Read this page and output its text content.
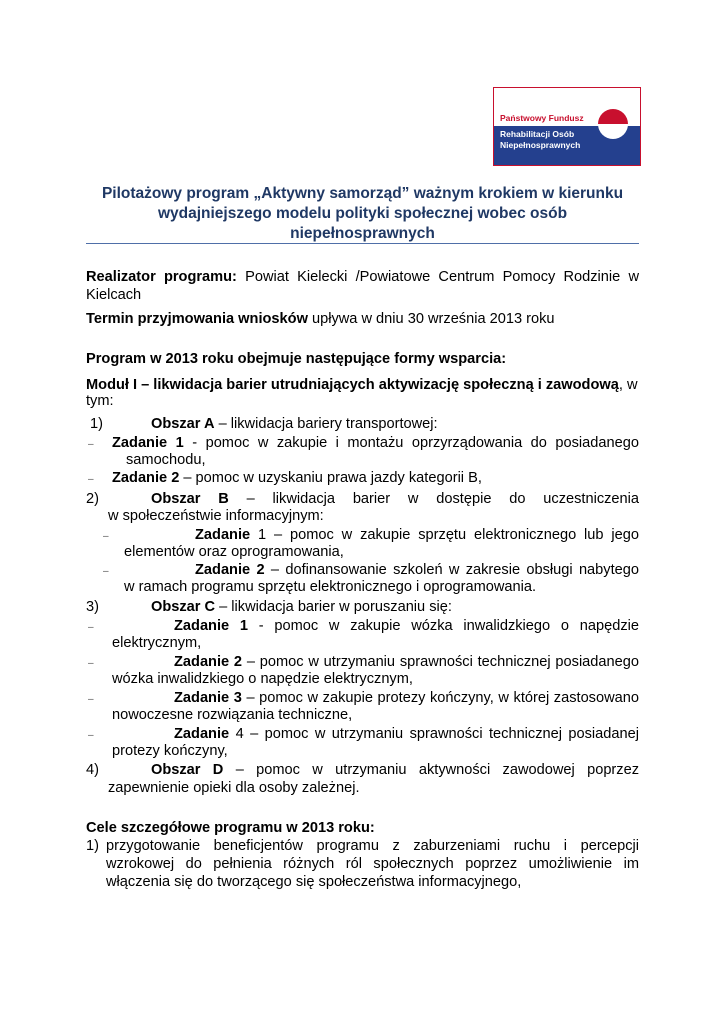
Państwowy Fundusz
Rehabilitacji Osób
Niepełnosprawnych
Pilotażowy program „Aktywny samorząd” ważnym krokiem w kierunku
wydajniejszego modelu polityki społecznej wobec osób
niepełnosprawnych
Realizator programu: Powiat Kielecki /Powiatowe Centrum Pomocy Rodzinie w
Kielcach
Termin przyjmowania wniosków upływa w dniu 30 września 2013 roku
Program w 2013 roku obejmuje następujące formy wsparcia:
Moduł I – likwidacja barier utrudniających aktywizację społeczną i zawodową, w
tym:
1)	Obszar A – likwidacja bariery transportowej:
– Zadanie 1 - pomoc w zakupie i montażu oprzyrządowania do posiadanego
samochodu,
– Zadanie 2 – pomoc w uzyskaniu prawa jazdy kategorii B,
2)	Obszar B – likwidacja barier w dostępie do uczestniczenia
w społeczeństwie informacyjnym:
–	Zadanie 1 – pomoc w zakupie sprzętu elektronicznego lub jego
elementów oraz oprogramowania,
–	Zadanie 2 – dofinansowanie szkoleń w zakresie obsługi nabytego
w ramach programu sprzętu elektronicznego i oprogramowania.
3)	Obszar C – likwidacja barier w poruszaniu się:
–	Zadanie 1 - pomoc w zakupie wózka inwalidzkiego o napędzie
elektrycznym,
–	Zadanie 2 – pomoc w utrzymaniu sprawności technicznej posiadanego
wózka inwalidzkiego o napędzie elektrycznym,
–	Zadanie 3 – pomoc w zakupie protezy kończyny, w której zastosowano
nowoczesne rozwiązania techniczne,
–	Zadanie 4 – pomoc w utrzymaniu sprawności technicznej posiadanej
protezy kończyny,
4)	Obszar D – pomoc w utrzymaniu aktywności zawodowej poprzez
zapewnienie opieki dla osoby zależnej.
Cele szczegółowe programu w 2013 roku:
1) przygotowanie beneficjentów programu z zaburzeniami ruchu i percepcji
wzrokowej do pełnienia różnych ról społecznych poprzez umożliwienie im
włączenia się do tworzącego się społeczeństwa informacyjnego,
